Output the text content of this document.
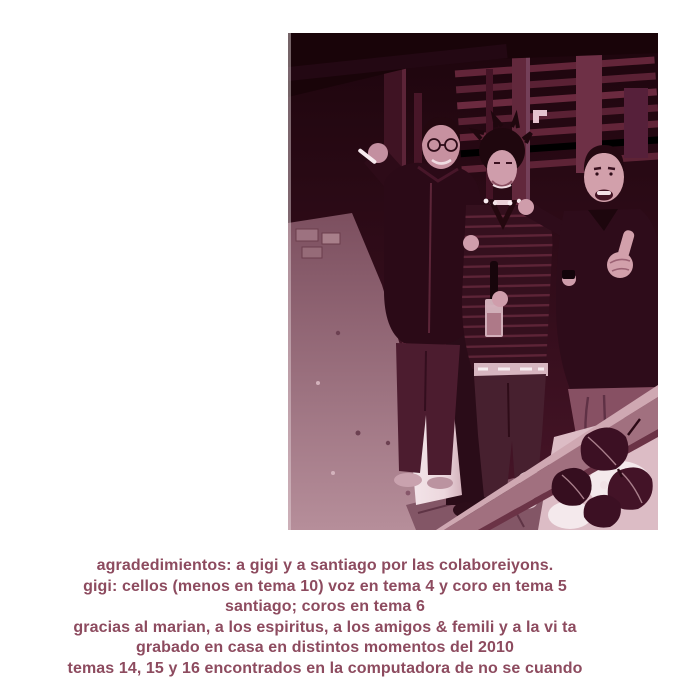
agradedimientos: a gigi y a santiago por las colaboreiyons.
gigi: cellos (menos en tema 10) voz en tema 4 y coro en tema 5
santiago; coros en tema 6
gracias al marian, a los espiritus, a los amigos & femili y a la vi ta
grabado en casa en distintos momentos del 2010
temas 14, 15 y 16 encontrados en la computadora de no se cuando
